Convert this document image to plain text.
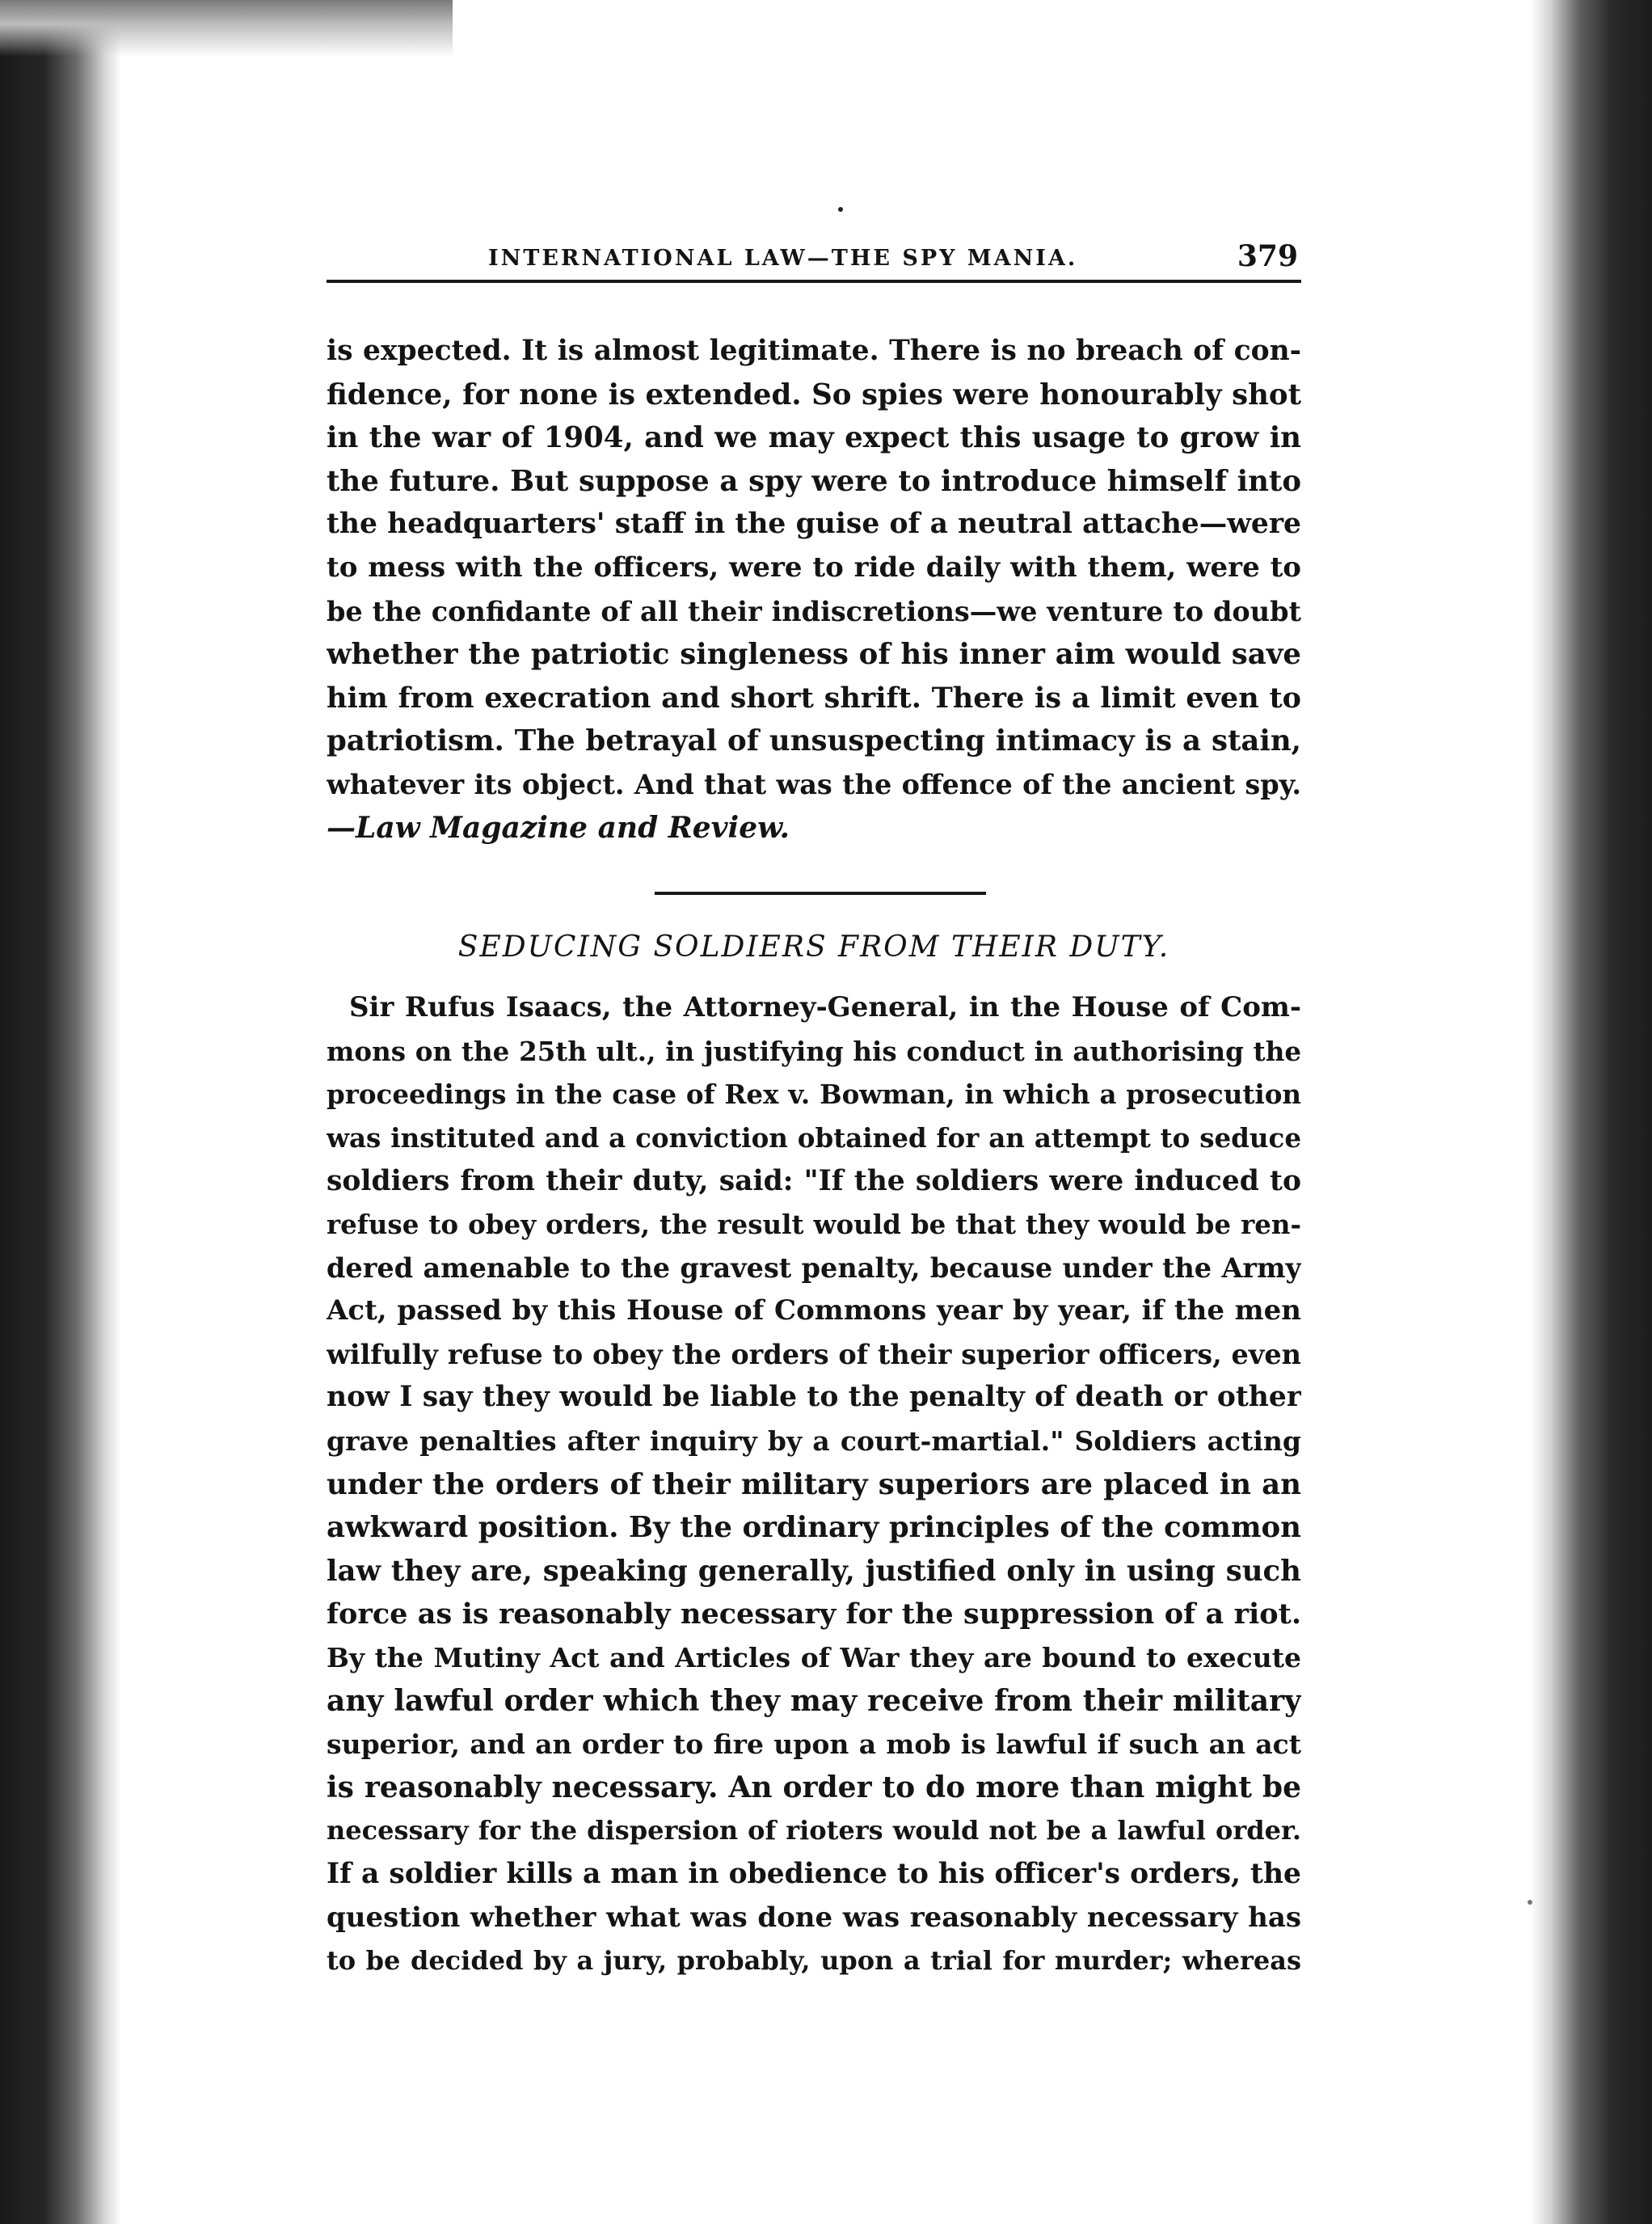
INTERNATIONAL LAW—THE SPY MANIA.	379
is expected. It is almost legitimate. There is no breach of con-
fidence, for none is extended. So spies were honourably shot
in the war of 1904, and we may expect this usage to grow in
the future. But suppose a spy were to introduce himself into
the headquarters' staff in the guise of a neutral attache—were
to mess with the officers, were to ride daily with them, were to
be the confidante of all their indiscretions—we venture to doubt
whether the patriotic singleness of his inner aim would save
him from execration and short shrift. There is a limit even to
patriotism. The betrayal of unsuspecting intimacy is a stain,
whatever its object. And that was the offence of the ancient spy.
—Law Magazine and Review.
SEDUCING SOLDIERS FROM THEIR DUTY.
Sir Rufus Isaacs, the Attorney-General, in the House of Com-
mons on the 25th ult., in justifying his conduct in authorising the
proceedings in the case of Rex v. Bowman, in which a prosecution
was instituted and a conviction obtained for an attempt to seduce
soldiers from their duty, said: "If the soldiers were induced to
refuse to obey orders, the result would be that they would be ren-
dered amenable to the gravest penalty, because under the Army
Act, passed by this House of Commons year by year, if the men
wilfully refuse to obey the orders of their superior officers, even
now I say they would be liable to the penalty of death or other
grave penalties after inquiry by a court-martial." Soldiers acting
under the orders of their military superiors are placed in an
awkward position. By the ordinary principles of the common
law they are, speaking generally, justified only in using such
force as is reasonably necessary for the suppression of a riot.
By the Mutiny Act and Articles of War they are bound to execute
any lawful order which they may receive from their military
superior, and an order to fire upon a mob is lawful if such an act
is reasonably necessary. An order to do more than might be
necessary for the dispersion of rioters would not be a lawful order.
If a soldier kills a man in obedience to his officer's orders, the
question whether what was done was reasonably necessary has
to be decided by a jury, probably, upon a trial for murder; whereas
